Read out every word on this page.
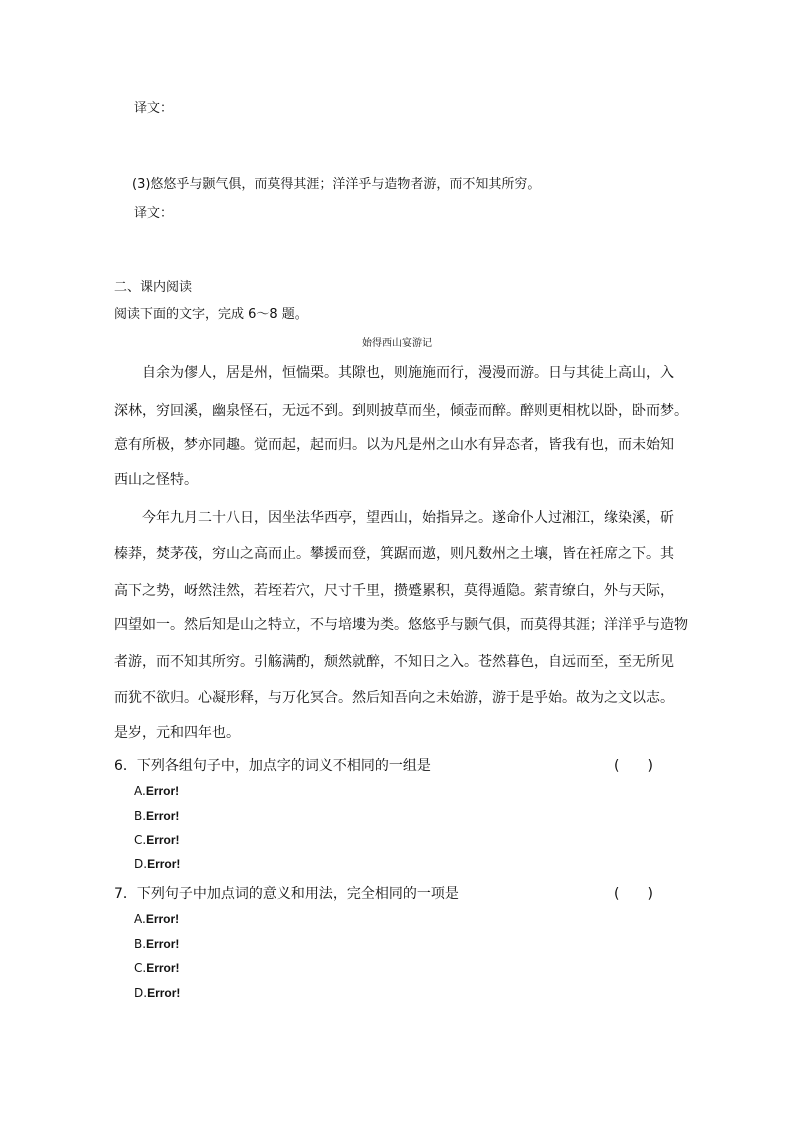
译文：
(3)悠悠乎与颢气俱，而莫得其涯；洋洋乎与造物者游，而不知其所穷。
译文：
二、课内阅读
阅读下面的文字，完成 6～8 题。
始得西山宴游记
　　自余为僇人，居是州，恒惴栗。其隙也，则施施而行，漫漫而游。日与其徒上高山，入
深林，穷回溪，幽泉怪石，无远不到。到则披草而坐，倾壶而醉。醉则更相枕以卧，卧而梦。
意有所极，梦亦同趣。觉而起，起而归。以为凡是州之山水有异态者，皆我有也，而未始知
西山之怪特。
　　今年九月二十八日，因坐法华西亭，望西山，始指异之。遂命仆人过湘江，缘染溪，斫
榛莽，焚茅茷，穷山之高而止。攀援而登，箕踞而遨，则凡数州之土壤，皆在衽席之下。其
高下之势，岈然洼然，若垤若穴，尺寸千里，攒蹙累积，莫得遁隐。萦青缭白，外与天际，
四望如一。然后知是山之特立，不与培塿为类。悠悠乎与颢气俱，而莫得其涯；洋洋乎与造物
者游，而不知其所穷。引觞满酌，颓然就醉，不知日之入。苍然暮色，自远而至，至无所见
而犹不欲归。心凝形释，与万化冥合。然后知吾向之未始游，游于是乎始。故为之文以志。
是岁，元和四年也。
6．下列各组句子中，加点字的词义不相同的一组是	(　　)
A.Error!
B.Error!
C.Error!
D.Error!
7．下列句子中加点词的意义和用法，完全相同的一项是	(　　)
A.Error!
B.Error!
C.Error!
D.Error!
